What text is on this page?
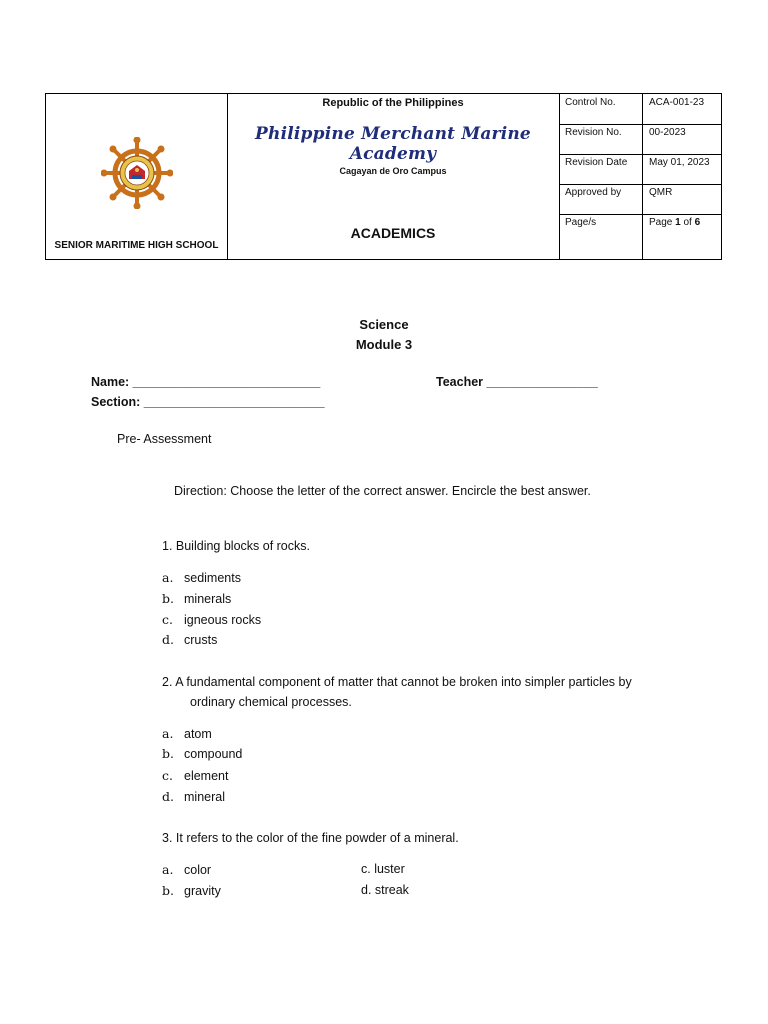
SENIOR MARITIME HIGH SCHOOL
Republic of the Philippines
Philippine Merchant Marine Academy
Cagayan de Oro Campus
ACADEMICS
Control No.	ACA-001-23
Revision No.	00-2023
Revision Date	May 01, 2023
Approved by	QMR
Page/s	Page 1 of 6
Science
Module 3
Name: ___________________________
Section: __________________________
Teacher ________________
Pre- Assessment
Direction: Choose the letter of the correct answer. Encircle the best answer.
1. Building blocks of rocks.
a. sediments
b. minerals
c. igneous rocks
d. crusts
2. A fundamental component of matter that cannot be broken into simpler particles by
ordinary chemical processes.
a. atom
b. compound
c. element
d. mineral
3. It refers to the color of the fine powder of a mineral.
a. color
b. gravity
c. luster
d. streak
